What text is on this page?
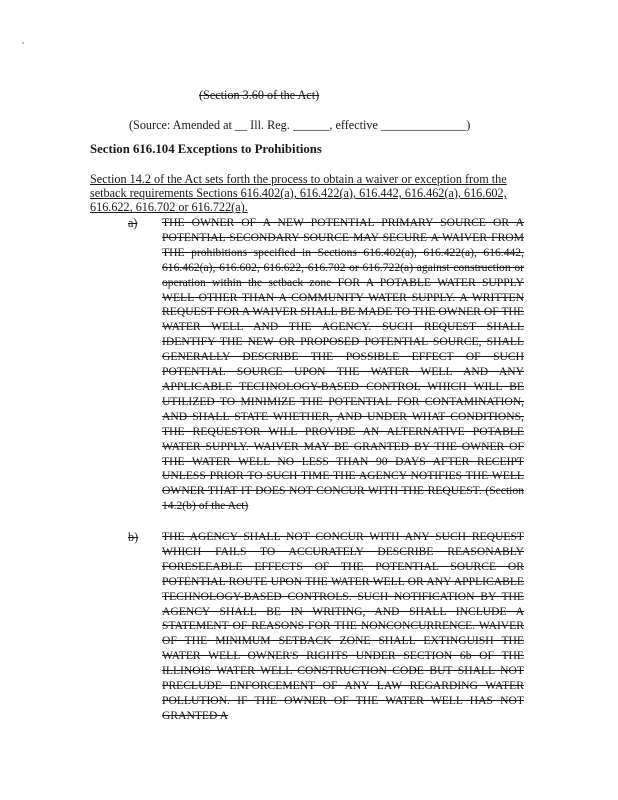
(Section 3.60 of the Act)
(Source: Amended at __ Ill. Reg. ______, effective ______________)
Section 616.104 Exceptions to Prohibitions
Section 14.2 of the Act sets forth the process to obtain a waiver or exception from the setback requirements Sections 616.402(a), 616.422(a), 616.442, 616.462(a), 616.602, 616.622, 616.702 or 616.722(a).
a)	THE OWNER OF A NEW POTENTIAL PRIMARY SOURCE OR A POTENTIAL SECONDARY SOURCE MAY SECURE A WAIVER FROM THE prohibitions specified in Sections 616.402(a), 616.422(a), 616.442, 616.462(a), 616.602, 616.622, 616.702 or 616.722(a) against construction or operation within the setback zone FOR A POTABLE WATER SUPPLY WELL OTHER THAN A COMMUNITY WATER SUPPLY. A WRITTEN REQUEST FOR A WAIVER SHALL BE MADE TO THE OWNER OF THE WATER WELL AND THE AGENCY. SUCH REQUEST SHALL IDENTIFY THE NEW OR PROPOSED POTENTIAL SOURCE, SHALL GENERALLY DESCRIBE THE POSSIBLE EFFECT OF SUCH POTENTIAL SOURCE UPON THE WATER WELL AND ANY APPLICABLE TECHNOLOGY-BASED CONTROL WHICH WILL BE UTILIZED TO MINIMIZE THE POTENTIAL FOR CONTAMINATION, AND SHALL STATE WHETHER, AND UNDER WHAT CONDITIONS, THE REQUESTOR WILL PROVIDE AN ALTERNATIVE POTABLE WATER SUPPLY. WAIVER MAY BE GRANTED BY THE OWNER OF THE WATER WELL NO LESS THAN 90 DAYS AFTER RECEIPT UNLESS PRIOR TO SUCH TIME THE AGENCY NOTIFIES THE WELL OWNER THAT IT DOES NOT CONCUR WITH THE REQUEST. (Section 14.2(b) of the Act)
b)	THE AGENCY SHALL NOT CONCUR WITH ANY SUCH REQUEST WHICH FAILS TO ACCURATELY DESCRIBE REASONABLY FORESEEABLE EFFECTS OF THE POTENTIAL SOURCE OR POTENTIAL ROUTE UPON THE WATER WELL OR ANY APPLICABLE TECHNOLOGY-BASED CONTROLS. SUCH NOTIFICATION BY THE AGENCY SHALL BE IN WRITING, AND SHALL INCLUDE A STATEMENT OF REASONS FOR THE NONCONCURRENCE. WAIVER OF THE MINIMUM SETBACK ZONE SHALL EXTINGUISH THE WATER WELL OWNER'S RIGHTS UNDER SECTION 6b OF THE ILLINOIS WATER WELL CONSTRUCTION CODE BUT SHALL NOT PRECLUDE ENFORCEMENT OF ANY LAW REGARDING WATER POLLUTION. IF THE OWNER OF THE WATER WELL HAS NOT GRANTED A
